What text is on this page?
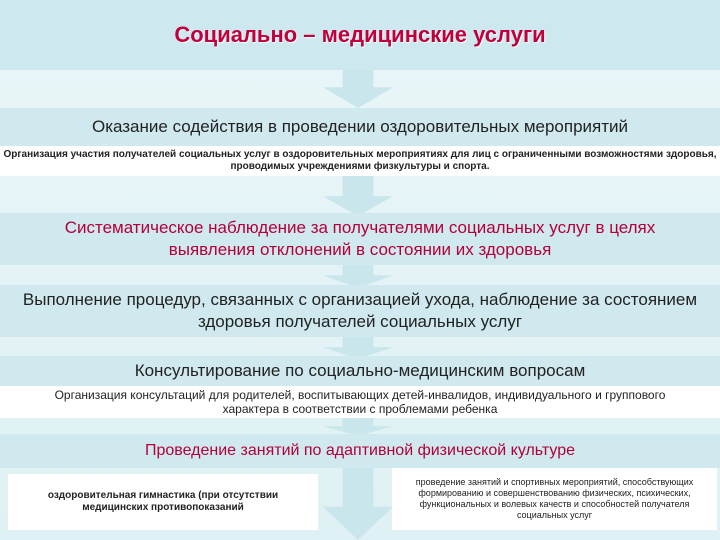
Социально – медицинские услуги
Оказание содействия в проведении оздоровительных мероприятий
Организация участия получателей социальных услуг в оздоровительных мероприятиях для лиц с ограниченными возможностями здоровья, проводимых учреждениями физкультуры и спорта.
Систематическое наблюдение за получателями социальных услуг в целях выявления отклонений в состоянии их здоровья
Выполнение процедур, связанных с организацией ухода, наблюдение за состоянием здоровья получателей социальных услуг
Консультирование по социально-медицинским вопросам
Организация консультаций для родителей, воспитывающих детей-инвалидов, индивидуального и группового характера в соответствии с проблемами ребенка
Проведение занятий по адаптивной физической культуре
оздоровительная гимнастика (при отсутствии медицинских противопоказаний
проведение занятий и спортивных мероприятий, способствующих формированию и совершенствованию физических, психических, функциональных и волевых качеств и способностей получателя социальных услуг
